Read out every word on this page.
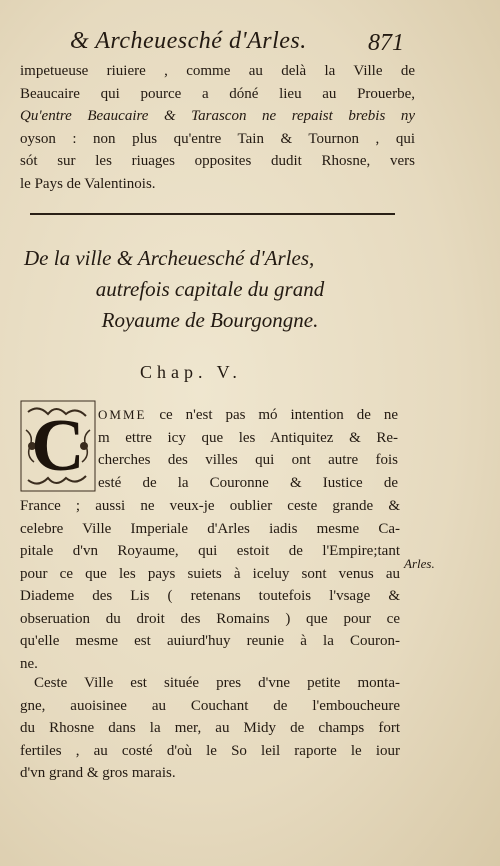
& Archeuesché d'Arles.	871
impetueuse riuiere , comme au delà la Ville de
Beaucaire qui pource a dóné lieu au Prouerbe,
Qu'entre Beaucaire & Tarascon ne repaist brebis ny
oyson : non plus qu'entre Tain & Tournon , qui
sót sur les riuages opposites dudit Rhosne, vers
le Pays de Valentinois.
De la ville & Archeuesché d'Arles,
autrefois capitale du grand
Royaume de Bourgongne.
Chap. V.
C	OMME ce n'est pas mó intention de ne
m ettre icy que les Antiquitez & Re-
cherches des villes qui ont autre fois
esté de la Couronne & Iustice de
France ; aussi ne veux-je oublier ceste grande &
celebre Ville Imperiale d'Arles iadis mesme Ca-
pitale d'vn Royaume, qui estoit de l'Empire;tant
pour ce que les pays suiets à iceluy sont venus au
Diademe des Lis ( retenans toutefois l'vsage &
obseruation du droit des Romains ) que pour ce
qu'elle mesme est auiurd'huy reunie à la Couron-
ne.
Arles.
Ceste Ville est située pres d'vne petite monta-
gne, auoisinee au Couchant de l'emboucheure
du Rhosne dans la mer, au Midy de champs fort
fertiles , au costé d'où le So leil raporte le iour
d'vn grand & gros marais.
